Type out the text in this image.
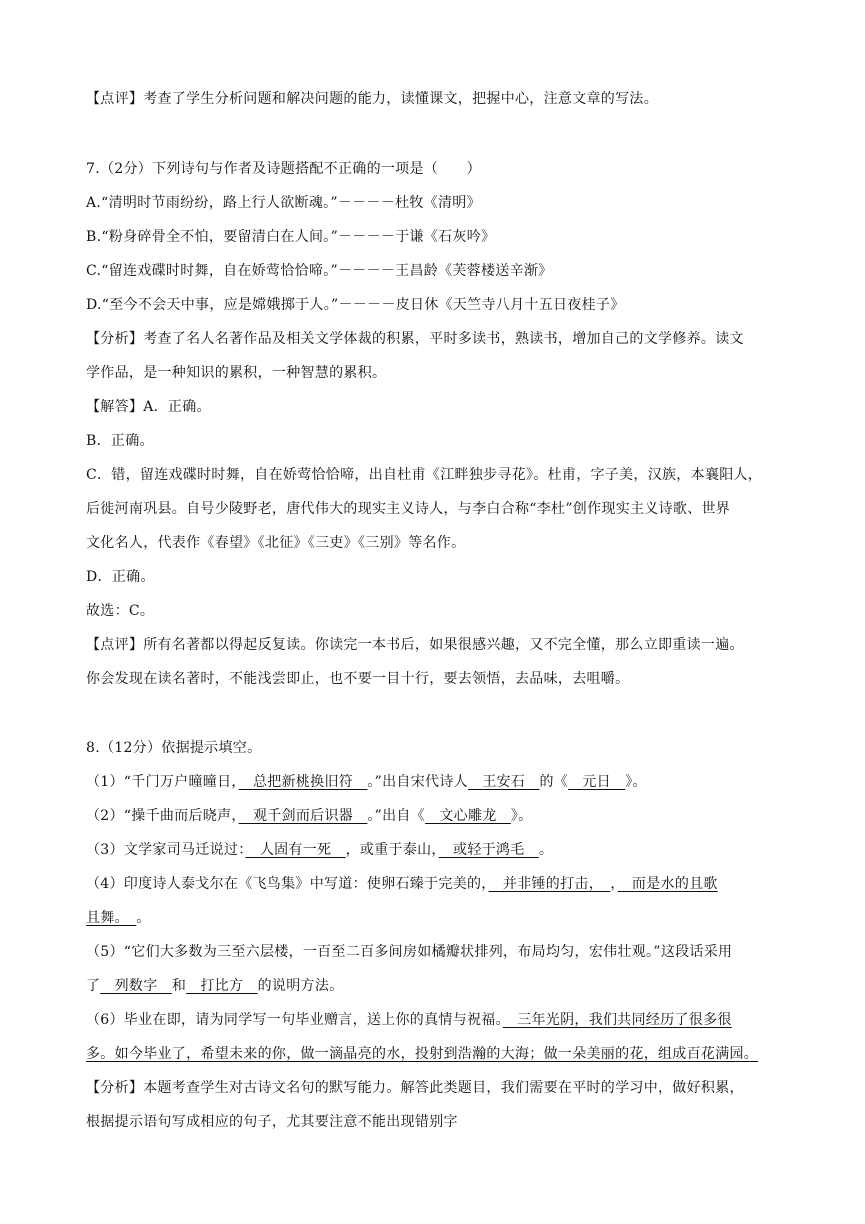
【点评】考查了学生分析问题和解决问题的能力，读懂课文，把握中心，注意文章的写法。
7.（2分）下列诗句与作者及诗题搭配不正确的一项是（　　）
A.“清明时节雨纷纷，路上行人欲断魂。”－－－－杜牧《清明》
B.“粉身碎骨全不怕，要留清白在人间。”－－－－于谦《石灰吟》
C.“留连戏碟时时舞，自在娇莺恰恰啼。”－－－－王昌龄《芙蓉楼送辛渐》
D.“至今不会天中事，应是嫦娥掷于人。”－－－－皮日休《天竺寺八月十五日夜桂子》
【分析】考查了名人名著作品及相关文学体裁的积累，平时多读书，熟读书，增加自己的文学修养。读文
学作品，是一种知识的累积，一种智慧的累积。
【解答】A．正确。
B．正确。
C．错，留连戏碟时时舞，自在娇莺恰恰啼，出自杜甫《江畔独步寻花》。杜甫，字子美，汉族，本襄阳人，
后徙河南巩县。自号少陵野老，唐代伟大的现实主义诗人，与李白合称“李杜”创作现实主义诗歌、世界
文化名人，代表作《春望》《北征》《三吏》《三别》等名作。
D．正确。
故选：C。
【点评】所有名著都以得起反复读。你读完一本书后，如果很感兴趣，又不完全懂，那么立即重读一遍。
你会发现在读名著时，不能浅尝即止，也不要一目十行，要去领悟，去品味，去咀嚼。
8.（12分）依据提示填空。
（1）“千门万户曈曈日，　总把新桃换旧符　。”出自宋代诗人　王安石　的《　元日　》。
（2）“操千曲而后晓声，　观千剑而后识器　。”出自《　文心雕龙　》。
（3）文学家司马迁说过：　人固有一死　，或重于泰山，　或轻于鸿毛　。
（4）印度诗人泰戈尔在《飞鸟集》中写道：使卵石臻于完美的，　并非锤的打击，　，　而是水的且歌
且舞。　。
（5）“它们大多数为三至六层楼，一百至二百多间房如橘瓣状排列，布局均匀，宏伟壮观。”这段话采用
了　列数字　和　打比方　的说明方法。
（6）毕业在即，请为同学写一句毕业赠言，送上你的真情与祝福。　三年光阴，我们共同经历了很多很
多。如今毕业了，希望未来的你，做一滴晶亮的水，投射到浩瀚的大海；做一朵美丽的花，组成百花满园。
【分析】本题考查学生对古诗文名句的默写能力。解答此类题目，我们需要在平时的学习中，做好积累，
根据提示语句写成相应的句子，尤其要注意不能出现错别字
